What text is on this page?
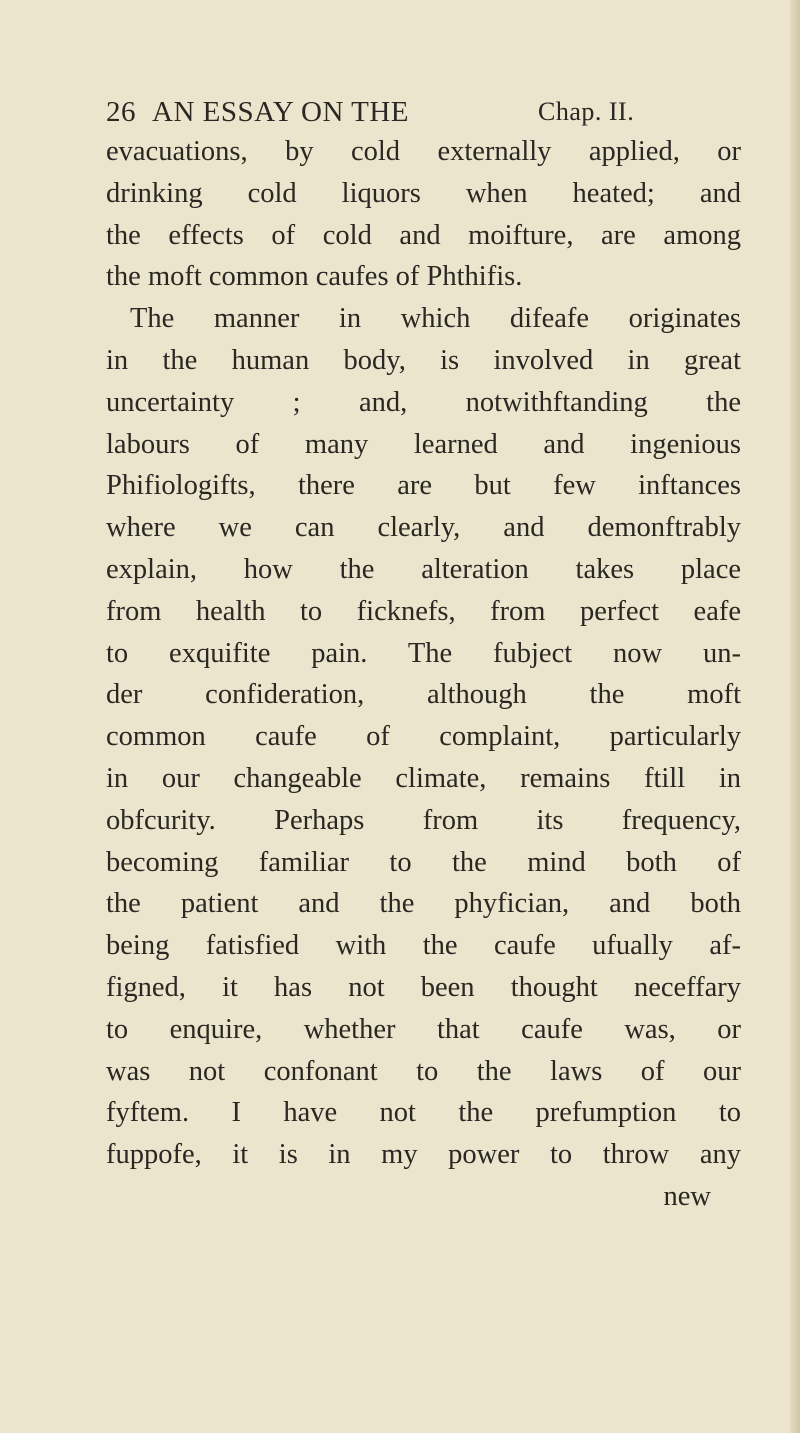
26 AN ESSAY ON THE	Chap. II.
evacuations, by cold externally applied, or
drinking cold liquors when heated; and
the effects of cold and moifture, are among
the moft common caufes of Phthifis.
The manner in which difeafe originates
in the human body, is involved in great
uncertainty ; and, notwithftanding the
labours of many learned and ingenious
Phifiologifts, there are but few inftances
where we can clearly, and demonftrably
explain, how the alteration takes place
from health to ficknefs, from perfect eafe
to exquifite pain. The fubject now un-
der confideration, although the moft
common caufe of complaint, particularly
in our changeable climate, remains ftill in
obfcurity. Perhaps from its frequency,
becoming familiar to the mind both of
the patient and the phyfician, and both
being fatisfied with the caufe ufually af-
figned, it has not been thought neceffary
to enquire, whether that caufe was, or
was not confonant to the laws of our
fyftem. I have not the prefumption to
fuppofe, it is in my power to throw any
new
